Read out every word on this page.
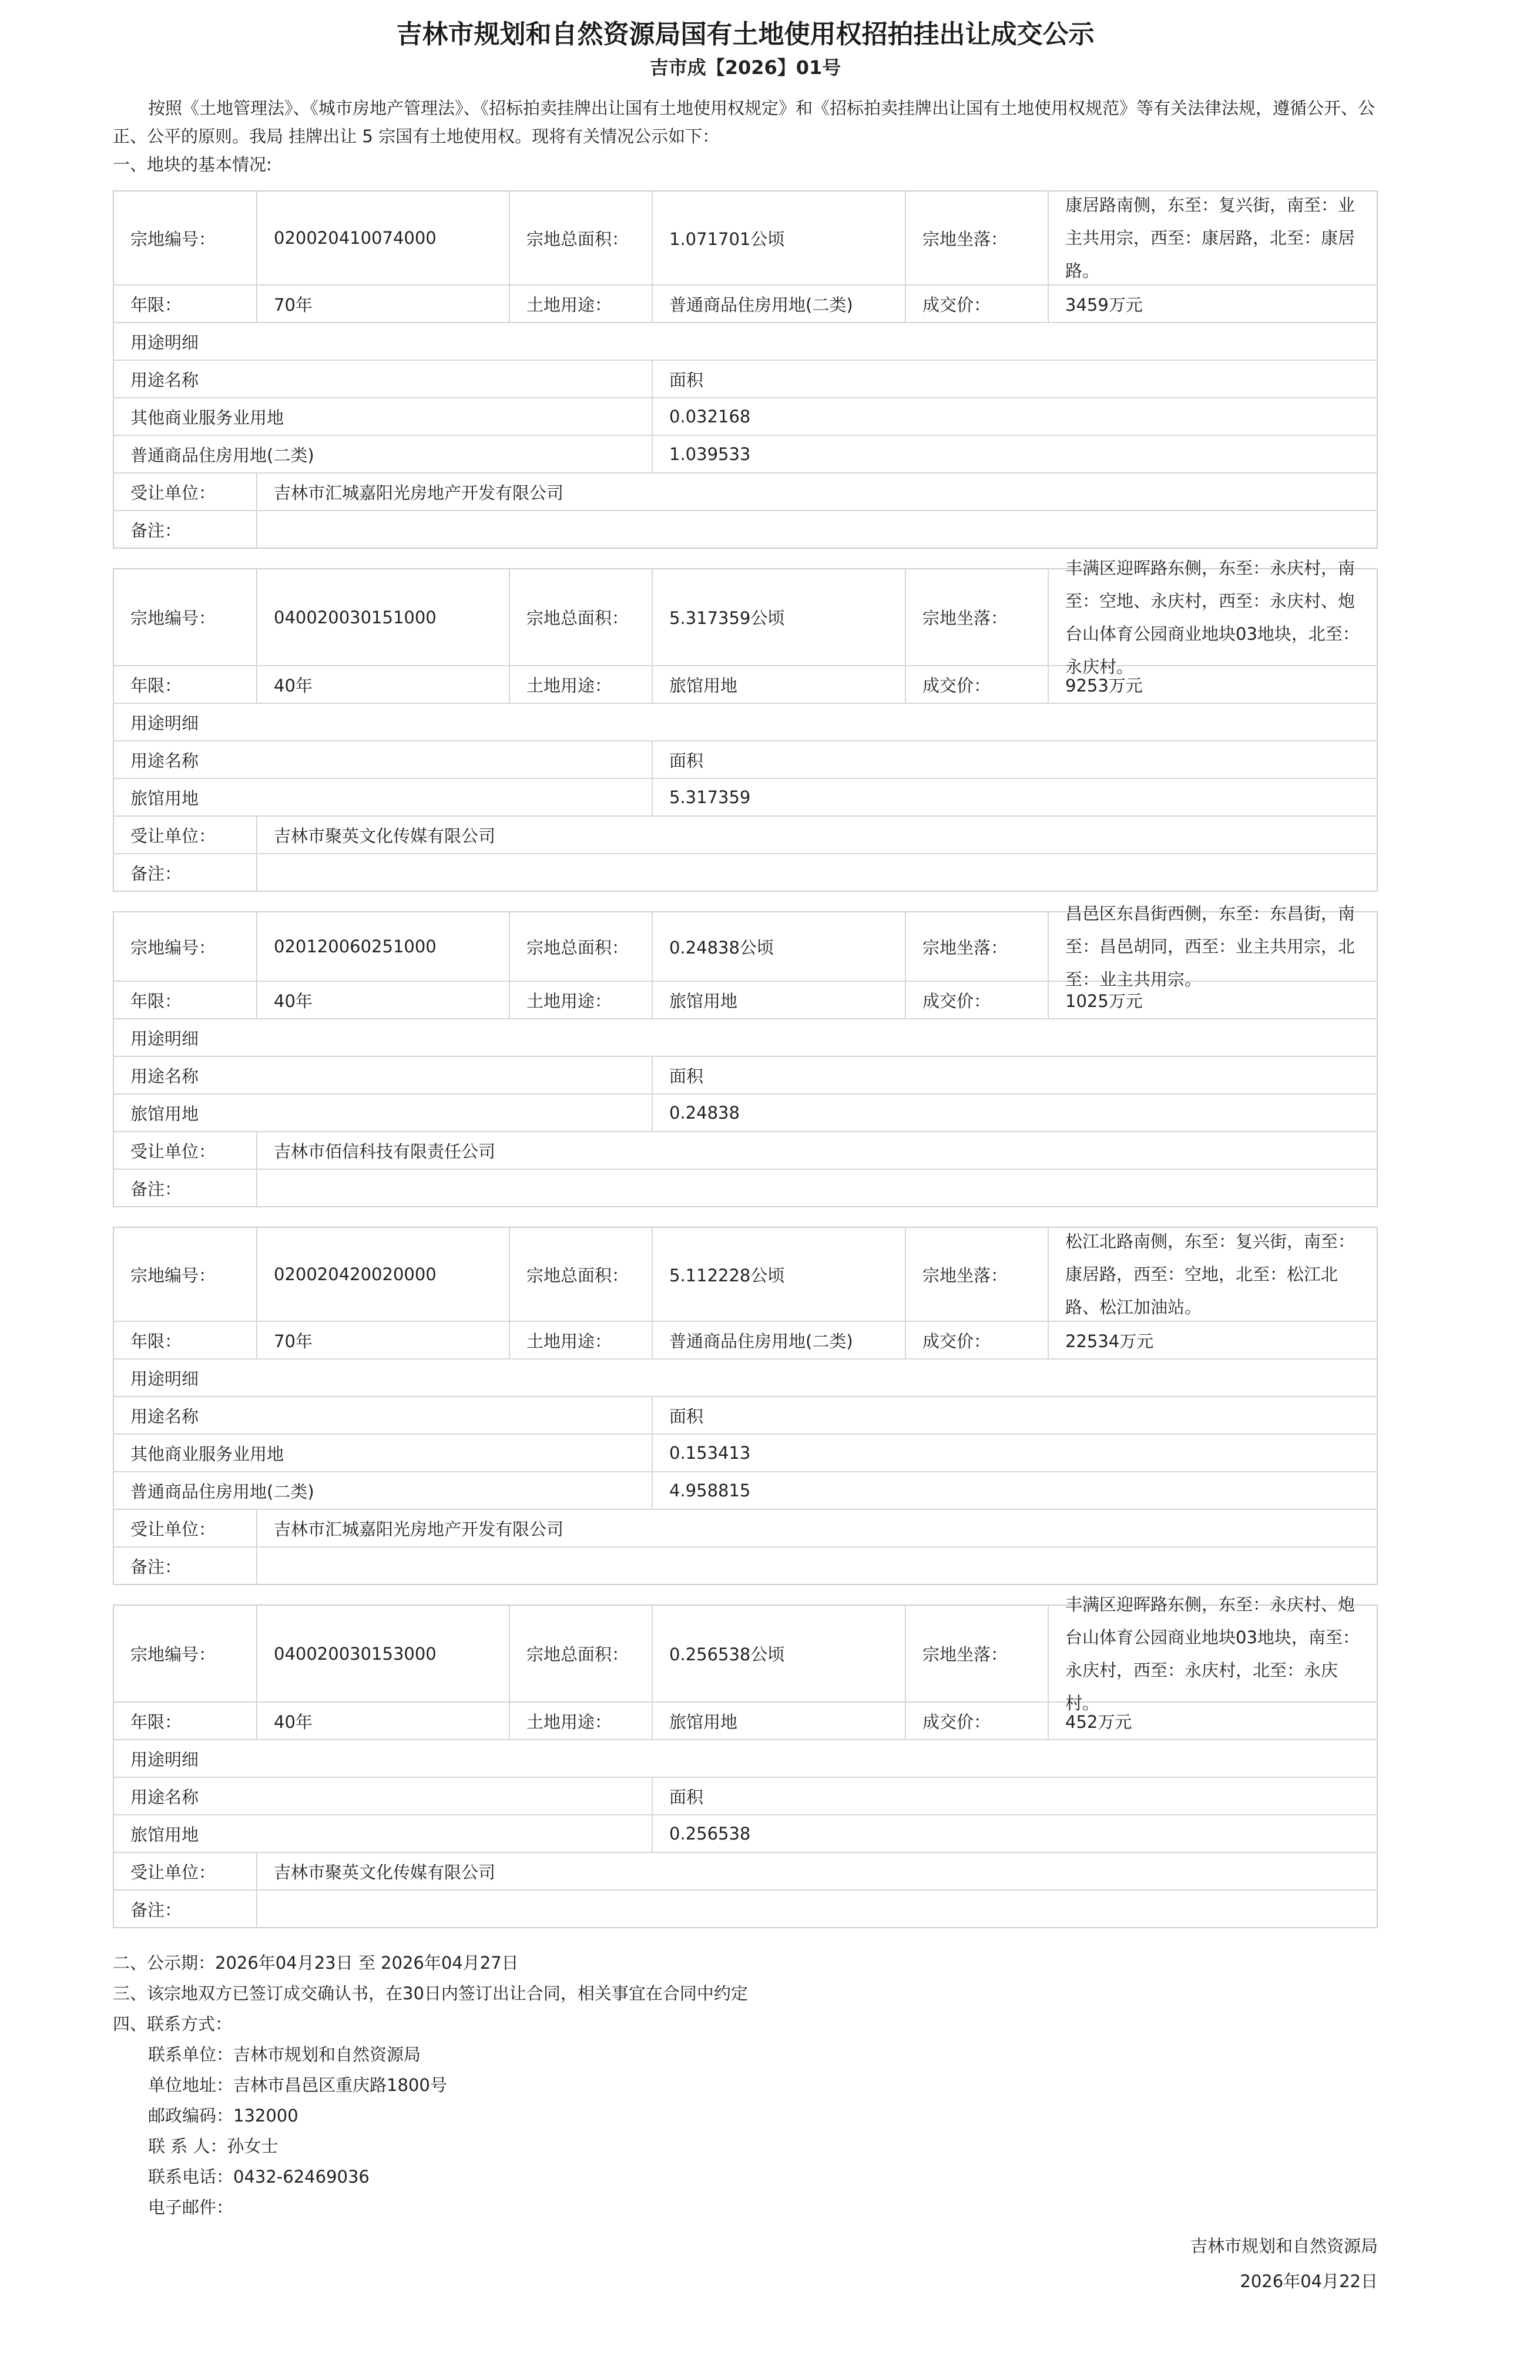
吉林市规划和自然资源局国有土地使用权招拍挂出让成交公示
吉市成【2026】01号

按照《土地管理法》、《城市房地产管理法》、《招标拍卖挂牌出让国有土地使用权规定》和《招标拍卖挂牌出让国有土地使用权规范》等有关法律法规，遵循公开、公正、公平的原则。我局 挂牌出让 5 宗国有土地使用权。现将有关情况公示如下：

一、地块的基本情况:

宗地编号：	020020410074000	宗地总面积：	1.071701公顷	宗地坐落：
康居路南侧，东至：复兴街，南至：业主共用宗，西至：康居路，北至：康居路。
年限：	70年	土地用途：	普通商品住房用地(二类)	成交价：	3459万元
用途明细
用途名称	面积
其他商业服务业用地	0.032168
普通商品住房用地(二类)	1.039533
受让单位：	吉林市汇城嘉阳光房地产开发有限公司
备注：
宗地编号：	040020030151000	宗地总面积：	5.317359公顷	宗地坐落：
丰满区迎晖路东侧，东至：永庆村，南至：空地、永庆村，西至：永庆村、炮台山体育公园商业地块03地块，北至：永庆村。
年限：	40年	土地用途：	旅馆用地	成交价：	9253万元
用途明细
用途名称	面积
旅馆用地	5.317359
受让单位：	吉林市聚英文化传媒有限公司
备注：
宗地编号：	020120060251000	宗地总面积：	0.24838公顷	宗地坐落：
昌邑区东昌街西侧，东至：东昌街，南至：昌邑胡同，西至：业主共用宗，北至：业主共用宗。
年限：	40年	土地用途：	旅馆用地	成交价：	1025万元
用途明细
用途名称	面积
旅馆用地	0.24838
受让单位：	吉林市佰信科技有限责任公司
备注：
宗地编号：	020020420020000	宗地总面积：	5.112228公顷	宗地坐落：
松江北路南侧，东至：复兴街，南至：康居路，西至：空地，北至：松江北路、松江加油站。
年限：	70年	土地用途：	普通商品住房用地(二类)	成交价：	22534万元
用途明细
用途名称	面积
其他商业服务业用地	0.153413
普通商品住房用地(二类)	4.958815
受让单位：	吉林市汇城嘉阳光房地产开发有限公司
备注：
宗地编号：	040020030153000	宗地总面积：	0.256538公顷	宗地坐落：
丰满区迎晖路东侧，东至：永庆村、炮台山体育公园商业地块03地块，南至：永庆村，西至：永庆村，北至：永庆村。
年限：	40年	土地用途：	旅馆用地	成交价：	452万元
用途明细
用途名称	面积
旅馆用地	0.256538
受让单位：	吉林市聚英文化传媒有限公司
备注：
二、公示期：2026年04月23日 至 2026年04月27日
三、该宗地双方已签订成交确认书，在30日内签订出让合同，相关事宜在合同中约定
四、联系方式：
联系单位：吉林市规划和自然资源局
单位地址：吉林市昌邑区重庆路1800号
邮政编码：132000
联 系 人：孙女士
联系电话：0432-62469036
电子邮件：
吉林市规划和自然资源局
2026年04月22日
